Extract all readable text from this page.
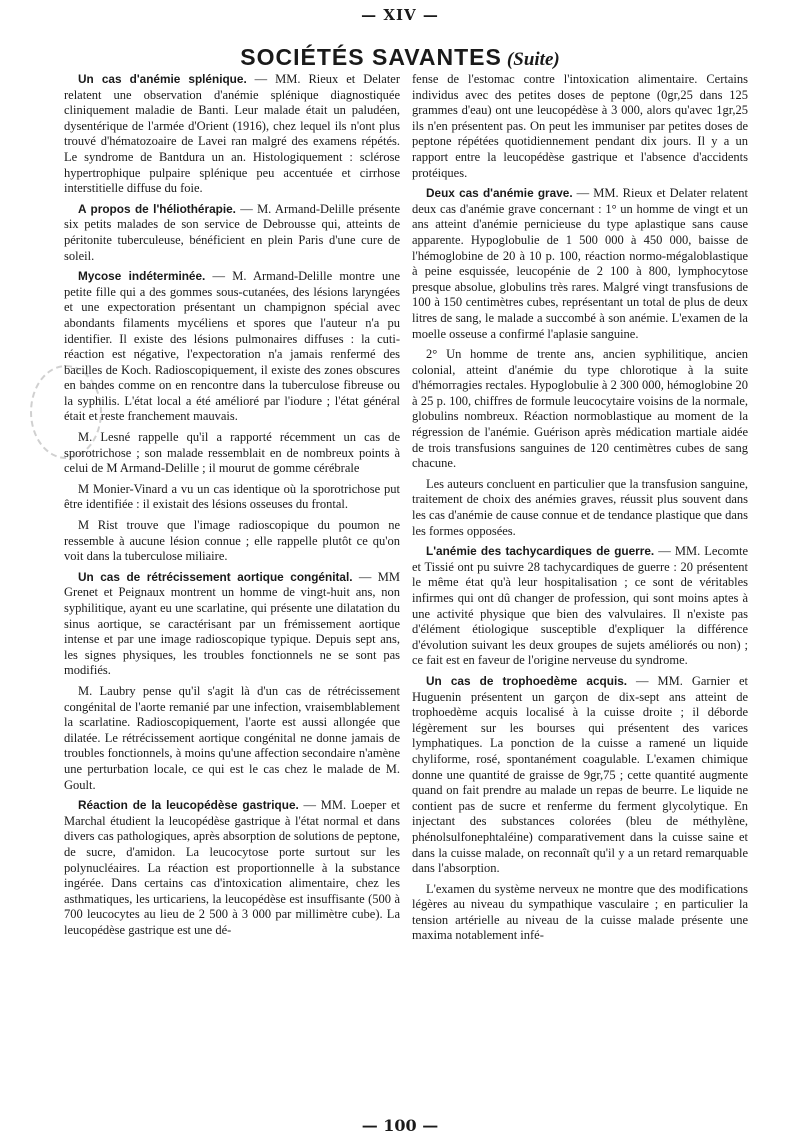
— XIV —
SOCIÉTÉS SAVANTES (Suite)

Un cas d'anémie splénique. — MM. Rieux et Delater relatent une observation d'anémie splénique diagnostiquée cliniquement maladie de Banti. Leur malade était un paludéen, dysentérique de l'armée d'Orient (1916), chez lequel ils n'ont plus trouvé d'hématozoaire de Lavei ran malgré des examens répétés. Le syndrome de Bantdura un an. Histologiquement : sclérose hypertrophique pulpaire splénique peu accentuée et cirrhose interstitielle diffuse du foie.

A propos de l'héliothérapie. — M. Armand-Delille présente six petits malades de son service de Debrousse qui, atteints de péritonite tuberculeuse, bénéficient en plein Paris d'une cure de soleil.

Mycose indéterminée. — M. Armand-Delille montre une petite fille qui a des gommes sous-cutanées, des lésions laryngées et une expectoration présentant un champignon spécial avec abondants filaments mycéliens et spores que l'auteur n'a pu identifier. Il existe des lésions pulmonaires diffuses : la cuti-réaction est négative, l'expectoration n'a jamais renfermé des bacilles de Koch. Radioscopiquement, il existe des zones obscures en bandes comme on en rencontre dans la tuberculose fibreuse ou la syphilis. L'état local a été amélioré par l'iodure ; l'état général était et reste franchement mauvais.

M. Lesné rappelle qu'il a rapporté récemment un cas de sporotrichose ; son malade ressemblait en de nombreux points à celui de M Armand-Delille ; il mourut de gomme cérébrale

M Monier-Vinard a vu un cas identique où la sporotrichose put être identifiée : il existait des lésions osseuses du frontal.

M Rist trouve que l'image radioscopique du poumon ne ressemble à aucune lésion connue ; elle rappelle plutôt ce qu'on voit dans la tuberculose miliaire.

Un cas de rétrécissement aortique congénital. — MM Grenet et Peignaux montrent un homme de vingt-huit ans, non syphilitique, ayant eu une scarlatine, qui présente une dilatation du sinus aortique, se caractérisant par un frémissement aortique intense et par une image radioscopique typique. Depuis sept ans, les signes physiques, les troubles fonctionnels ne se sont pas modifiés.

M. Laubry pense qu'il s'agit là d'un cas de rétrécissement congénital de l'aorte remanié par une infection, vraisemblablement la scarlatine. Radioscopiquement, l'aorte est aussi allongée que dilatée. Le rétrécissement aortique congénital ne donne jamais de troubles fonctionnels, à moins qu'une affection secondaire n'amène une perturbation locale, ce qui est le cas chez le malade de M. Goult.

Réaction de la leucopédèse gastrique. — MM. Loeper et Marchal étudient la leucopédèse gastrique à l'état normal et dans divers cas pathologiques, après absorption de solutions de peptone, de sucre, d'amidon. La leucocytose porte surtout sur les polynucléaires. La réaction est proportionnelle à la substance ingérée. Dans certains cas d'intoxication alimentaire, chez les asthmatiques, les urticariens, la leucopédèse est insuffisante (500 à 700 leucocytes au lieu de 2 500 à 3 000 par millimètre cube). La leucopédèse gastrique est une dé-

fense de l'estomac contre l'intoxication alimentaire. Certains individus avec des petites doses de peptone (0gr,25 dans 125 grammes d'eau) ont une leucopédèse à 3 000, alors qu'avec 1gr,25 ils n'en présentent pas. On peut les immuniser par petites doses de peptone répétées quotidiennement pendant dix jours. Il y a un rapport entre la leucopédèse gastrique et l'absence d'accidents protéiques.

Deux cas d'anémie grave. — MM. Rieux et Delater relatent deux cas d'anémie grave concernant : 1° un homme de vingt et un ans atteint d'anémie pernicieuse du type aplastique sans cause apparente. Hypoglobulie de 1 500 000 à 450 000, baisse de l'hémoglobine de 20 à 10 p. 100, réaction normo-mégaloblastique à peine esquissée, leucopénie de 2 100 à 800, lymphocytose presque absolue, globulins très rares. Malgré vingt transfusions de 100 à 150 centimètres cubes, représentant un total de plus de deux litres de sang, le malade a succombé à son anémie. L'examen de la moelle osseuse a confirmé l'aplasie sanguine.

2° Un homme de trente ans, ancien syphilitique, ancien colonial, atteint d'anémie du type chlorotique à la suite d'hémorragies rectales. Hypoglobulie à 2 300 000, hémoglobine 20 à 25 p. 100, chiffres de formule leucocytaire voisins de la normale, globulins nombreux. Réaction normoblastique au moment de la régression de l'anémie. Guérison après médication martiale aidée de trois transfusions sanguines de 120 centimètres cubes de sang chacune.

Les auteurs concluent en particulier que la transfusion sanguine, traitement de choix des anémies graves, réussit plus souvent dans les cas d'anémie de cause connue et de tendance plastique que dans les formes opposées.

L'anémie des tachycardiques de guerre. — MM. Lecomte et Tissié ont pu suivre 28 tachycardiques de guerre : 20 présentent le même état qu'à leur hospitalisation ; ce sont de véritables infirmes qui ont dû changer de profession, qui sont moins aptes à une activité physique que bien des valvulaires. Il n'existe pas d'élément étiologique susceptible d'expliquer la différence d'évolution suivant les deux groupes de sujets améliorés ou non) ; ce fait est en faveur de l'origine nerveuse du syndrome.

Un cas de trophoedème acquis. — MM. Garnier et Huguenin présentent un garçon de dix-sept ans atteint de trophoedème acquis localisé à la cuisse droite ; il déborde légèrement sur les bourses qui présentent des varices lymphatiques. La ponction de la cuisse a ramené un liquide chyliforme, rosé, spontanément coagulable. L'examen chimique donne une quantité de graisse de 9gr,75 ; cette quantité augmente quand on fait prendre au malade un repas de beurre. Le liquide ne contient pas de sucre et renferme du ferment glycolytique. En injectant des substances colorées (bleu de méthylène, phénolsulfonephtaléine) comparativement dans la cuisse saine et dans la cuisse malade, on reconnaît qu'il y a un retard remarquable dans l'absorption.

L'examen du système nerveux ne montre que des modifications légères au niveau du sympathique vasculaire ; en particulier la tension artérielle au niveau de la cuisse malade présente une maxima notablement infé-

— 100 —
